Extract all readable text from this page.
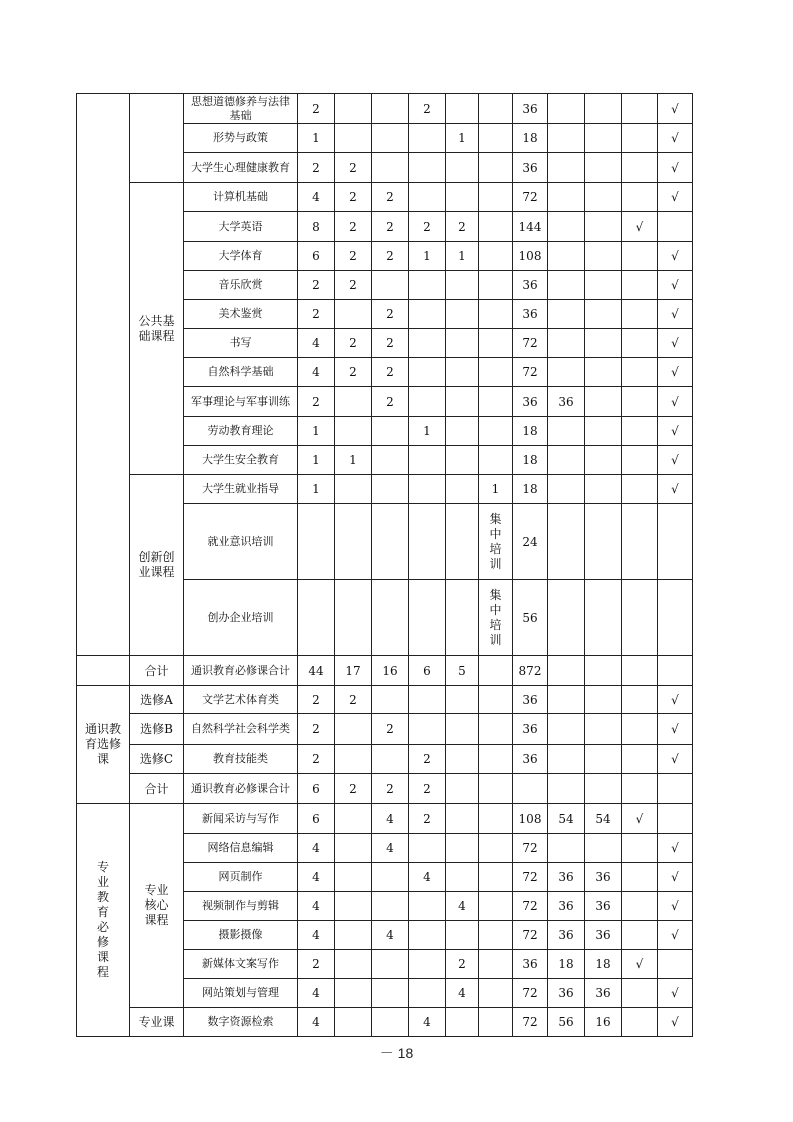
		思想道德修养与法律基础	2			2			36				√
		形势与政策	1				1		18				√
		大学生心理健康教育	2	2					36				√
	公共基础课程	计算机基础	4	2	2				72				√
		大学英语	8	2	2	2	2		144			√	
		大学体育	6	2	2	1	1		108				√
		音乐欣赏	2	2					36				√
		美术鉴赏	2		2				36				√
		书写	4	2	2				72				√
		自然科学基础	4	2	2				72				√
		军事理论与军事训练	2		2				36	36			√
		劳动教育理论	1			1			18				√
		大学生安全教育	1	1					18				√
	创新创业课程	大学生就业指导	1					1	18				√
		就业意识培训						集中培训	24				
		创办企业培训						集中培训	56				
	合计	通识教育必修课合计	44	17	16	6	5		872				
通识教育选修课	选修A	文学艺术体育类	2	2					36				√
	选修B	自然科学社会科学类	2		2				36				√
	选修C	教育技能类	2			2			36				√
	合计	通识教育必修课合计	6	2	2	2							
专业教育必修课程	专业核心课程	新闻采访与写作	6		4	2			108	54	54	√	
		网络信息编辑	4		4				72				√
		网页制作	4			4			72	36	36		√
		视频制作与剪辑	4				4		72	36	36		√
		摄影摄像	4		4				72	36	36		√
		新媒体文案写作	2				2		36	18	18	√	
		网站策划与管理	4				4		72	36	36		√
	专业课	数字资源检索	4			4			72	56	16		√
－ 18
